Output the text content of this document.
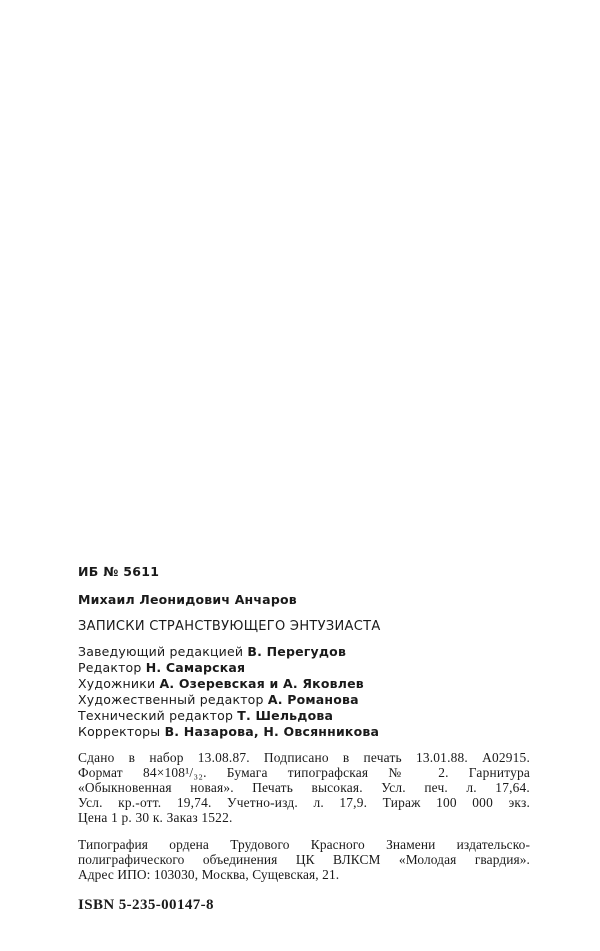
ИБ № 5611

Михаил Леонидович Анчаров

ЗАПИСКИ СТРАНСТВУЮЩЕГО ЭНТУЗИАСТА

Заведующий редакцией В. Перегудов

Редактор Н. Самарская

Художники А. Озеревская и А. Яковлев

Художественный редактор А. Романова

Технический редактор Т. Шельдова

Корректоры В. Назарова, Н. Овсянникова

Сдано в набор 13.08.87. Подписано в печать 13.01.88. А02915.

Формат 84×108¹/₃₂. Бумага типографская № 2. Гарнитура

«Обыкновенная новая». Печать высокая. Усл. печ. л. 17,64.

Усл. кр.-отт. 19,74. Учетно-изд. л. 17,9. Тираж 100 000 экз.

Цена 1 р. 30 к. Заказ 1522.

Типография ордена Трудового Красного Знамени издательско-

полиграфического объединения ЦК ВЛКСМ «Молодая гвардия».

Адрес ИПО: 103030, Москва, Сущевская, 21.

ISBN 5-235-00147-8
